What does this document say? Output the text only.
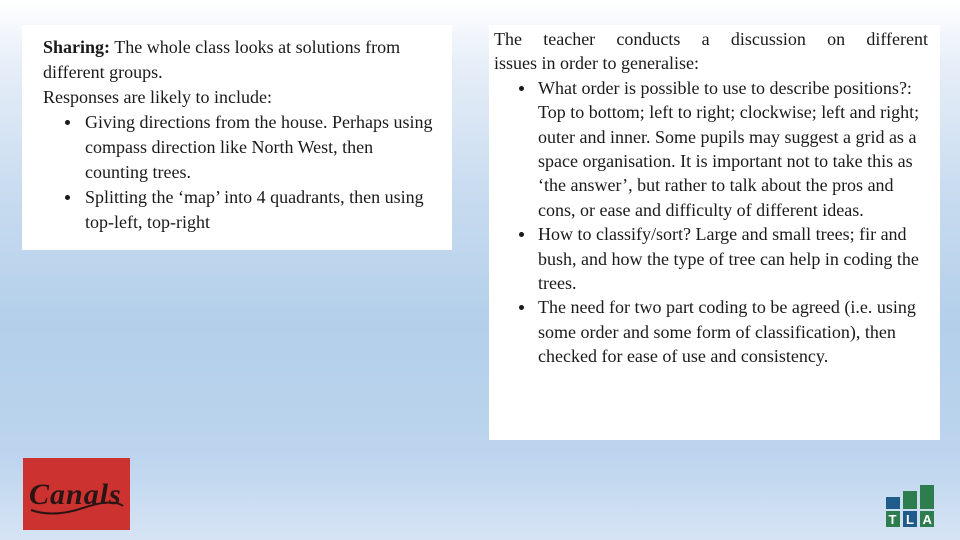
Sharing: The whole class looks at solutions from different groups.

Responses are likely to include:

Giving directions from the house. Perhaps using compass direction like North West, then counting trees.
Splitting the ‘map’ into 4 quadrants, then using top-left, top-right

The teacher conducts a discussion on different

issues in order to generalise:

What order is possible to use to describe positions?: Top to bottom; left to right; clockwise; left and right; outer and inner. Some pupils may suggest a grid as a space organisation. It is important not to take this as ‘the answer’, but rather to talk about the pros and cons, or ease and difficulty of different ideas.
How to classify/sort? Large and small trees; fir and bush, and how the type of tree can help in coding the trees.
The need for two part coding to be agreed (i.e. using some order and some form of classification), then checked for ease of use and consistency.
Canals
T L A
